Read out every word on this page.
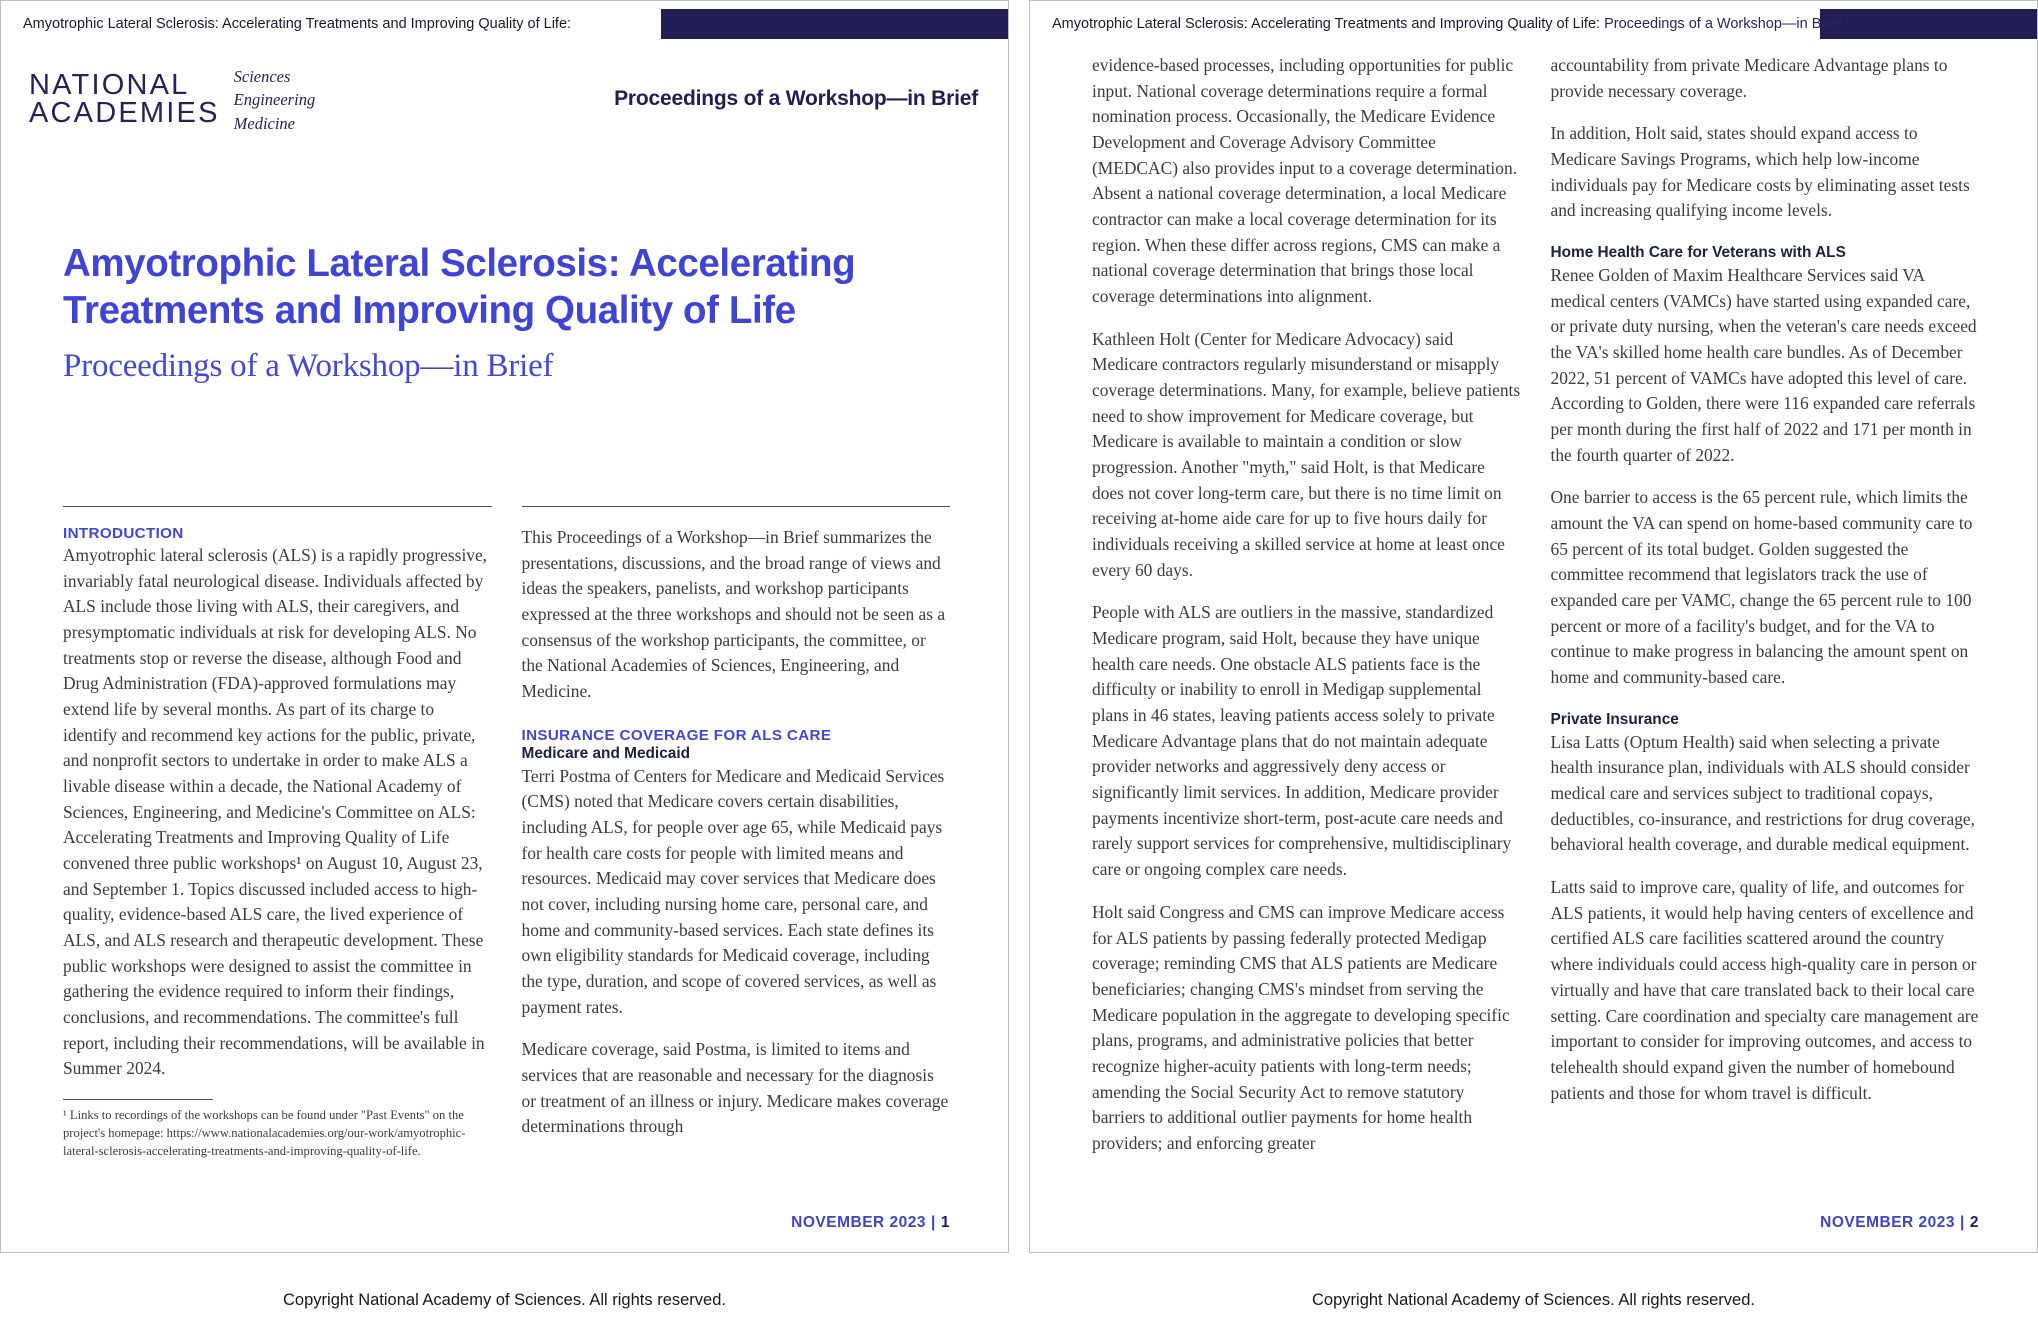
Amyotrophic Lateral Sclerosis: Accelerating Treatments and Improving Quality of Life:
NATIONAL
ACADEMIES
Sciences
Engineering
Medicine
Proceedings of a Workshop—in Brief
Amyotrophic Lateral Sclerosis: Accelerating Treatments and Improving Quality of Life
Proceedings of a Workshop—in Brief
INTRODUCTION

Amyotrophic lateral sclerosis (ALS) is a rapidly progressive, invariably fatal neurological disease. Individuals affected by ALS include those living with ALS, their caregivers, and presymptomatic individuals at risk for developing ALS. No treatments stop or reverse the disease, although Food and Drug Administration (FDA)-approved formulations may extend life by several months. As part of its charge to identify and recommend key actions for the public, private, and nonprofit sectors to undertake in order to make ALS a livable disease within a decade, the National Academy of Sciences, Engineering, and Medicine's Committee on ALS: Accelerating Treatments and Improving Quality of Life convened three public workshops¹ on August 10, August 23, and September 1. Topics discussed included access to high-quality, evidence-based ALS care, the lived experience of ALS, and ALS research and therapeutic development. These public workshops were designed to assist the committee in gathering the evidence required to inform their findings, conclusions, and recommendations. The committee's full report, including their recommendations, will be available in Summer 2024.

¹ Links to recordings of the workshops can be found under "Past Events" on the project's homepage: https://www.nationalacademies.org/our-work/amyotrophic-lateral-sclerosis-accelerating-treatments-and-improving-quality-of-life.

This Proceedings of a Workshop—in Brief summarizes the presentations, discussions, and the broad range of views and ideas the speakers, panelists, and workshop participants expressed at the three workshops and should not be seen as a consensus of the workshop participants, the committee, or the National Academies of Sciences, Engineering, and Medicine.

INSURANCE COVERAGE FOR ALS CARE
Medicare and Medicaid

Terri Postma of Centers for Medicare and Medicaid Services (CMS) noted that Medicare covers certain disabilities, including ALS, for people over age 65, while Medicaid pays for health care costs for people with limited means and resources. Medicaid may cover services that Medicare does not cover, including nursing home care, personal care, and home and community-based services. Each state defines its own eligibility standards for Medicaid coverage, including the type, duration, and scope of covered services, as well as payment rates.

Medicare coverage, said Postma, is limited to items and services that are reasonable and necessary for the diagnosis or treatment of an illness or injury. Medicare makes coverage determinations through

NOVEMBER 2023 | 1
Copyright National Academy of Sciences. All rights reserved.
Amyotrophic Lateral Sclerosis: Accelerating Treatments and Improving Quality of Life: Proceedings of a Workshop—in Brief

evidence-based processes, including opportunities for public input. National coverage determinations require a formal nomination process. Occasionally, the Medicare Evidence Development and Coverage Advisory Committee (MEDCAC) also provides input to a coverage determination. Absent a national coverage determination, a local Medicare contractor can make a local coverage determination for its region. When these differ across regions, CMS can make a national coverage determination that brings those local coverage determinations into alignment.

Kathleen Holt (Center for Medicare Advocacy) said Medicare contractors regularly misunderstand or misapply coverage determinations. Many, for example, believe patients need to show improvement for Medicare coverage, but Medicare is available to maintain a condition or slow progression. Another "myth," said Holt, is that Medicare does not cover long-term care, but there is no time limit on receiving at-home aide care for up to five hours daily for individuals receiving a skilled service at home at least once every 60 days.

People with ALS are outliers in the massive, standardized Medicare program, said Holt, because they have unique health care needs. One obstacle ALS patients face is the difficulty or inability to enroll in Medigap supplemental plans in 46 states, leaving patients access solely to private Medicare Advantage plans that do not maintain adequate provider networks and aggressively deny access or significantly limit services. In addition, Medicare provider payments incentivize short-term, post-acute care needs and rarely support services for comprehensive, multidisciplinary care or ongoing complex care needs.

Holt said Congress and CMS can improve Medicare access for ALS patients by passing federally protected Medigap coverage; reminding CMS that ALS patients are Medicare beneficiaries; changing CMS's mindset from serving the Medicare population in the aggregate to developing specific plans, programs, and administrative policies that better recognize higher-acuity patients with long-term needs; amending the Social Security Act to remove statutory barriers to additional outlier payments for home health providers; and enforcing greater

accountability from private Medicare Advantage plans to provide necessary coverage.

In addition, Holt said, states should expand access to Medicare Savings Programs, which help low-income individuals pay for Medicare costs by eliminating asset tests and increasing qualifying income levels.

Home Health Care for Veterans with ALS

Renee Golden of Maxim Healthcare Services said VA medical centers (VAMCs) have started using expanded care, or private duty nursing, when the veteran's care needs exceed the VA's skilled home health care bundles. As of December 2022, 51 percent of VAMCs have adopted this level of care. According to Golden, there were 116 expanded care referrals per month during the first half of 2022 and 171 per month in the fourth quarter of 2022.

One barrier to access is the 65 percent rule, which limits the amount the VA can spend on home-based community care to 65 percent of its total budget. Golden suggested the committee recommend that legislators track the use of expanded care per VAMC, change the 65 percent rule to 100 percent or more of a facility's budget, and for the VA to continue to make progress in balancing the amount spent on home and community-based care.

Private Insurance

Lisa Latts (Optum Health) said when selecting a private health insurance plan, individuals with ALS should consider medical care and services subject to traditional copays, deductibles, co-insurance, and restrictions for drug coverage, behavioral health coverage, and durable medical equipment.

Latts said to improve care, quality of life, and outcomes for ALS patients, it would help having centers of excellence and certified ALS care facilities scattered around the country where individuals could access high-quality care in person or virtually and have that care translated back to their local care setting. Care coordination and specialty care management are important to consider for improving outcomes, and access to telehealth should expand given the number of homebound patients and those for whom travel is difficult.

NOVEMBER 2023 | 2
Copyright National Academy of Sciences. All rights reserved.
